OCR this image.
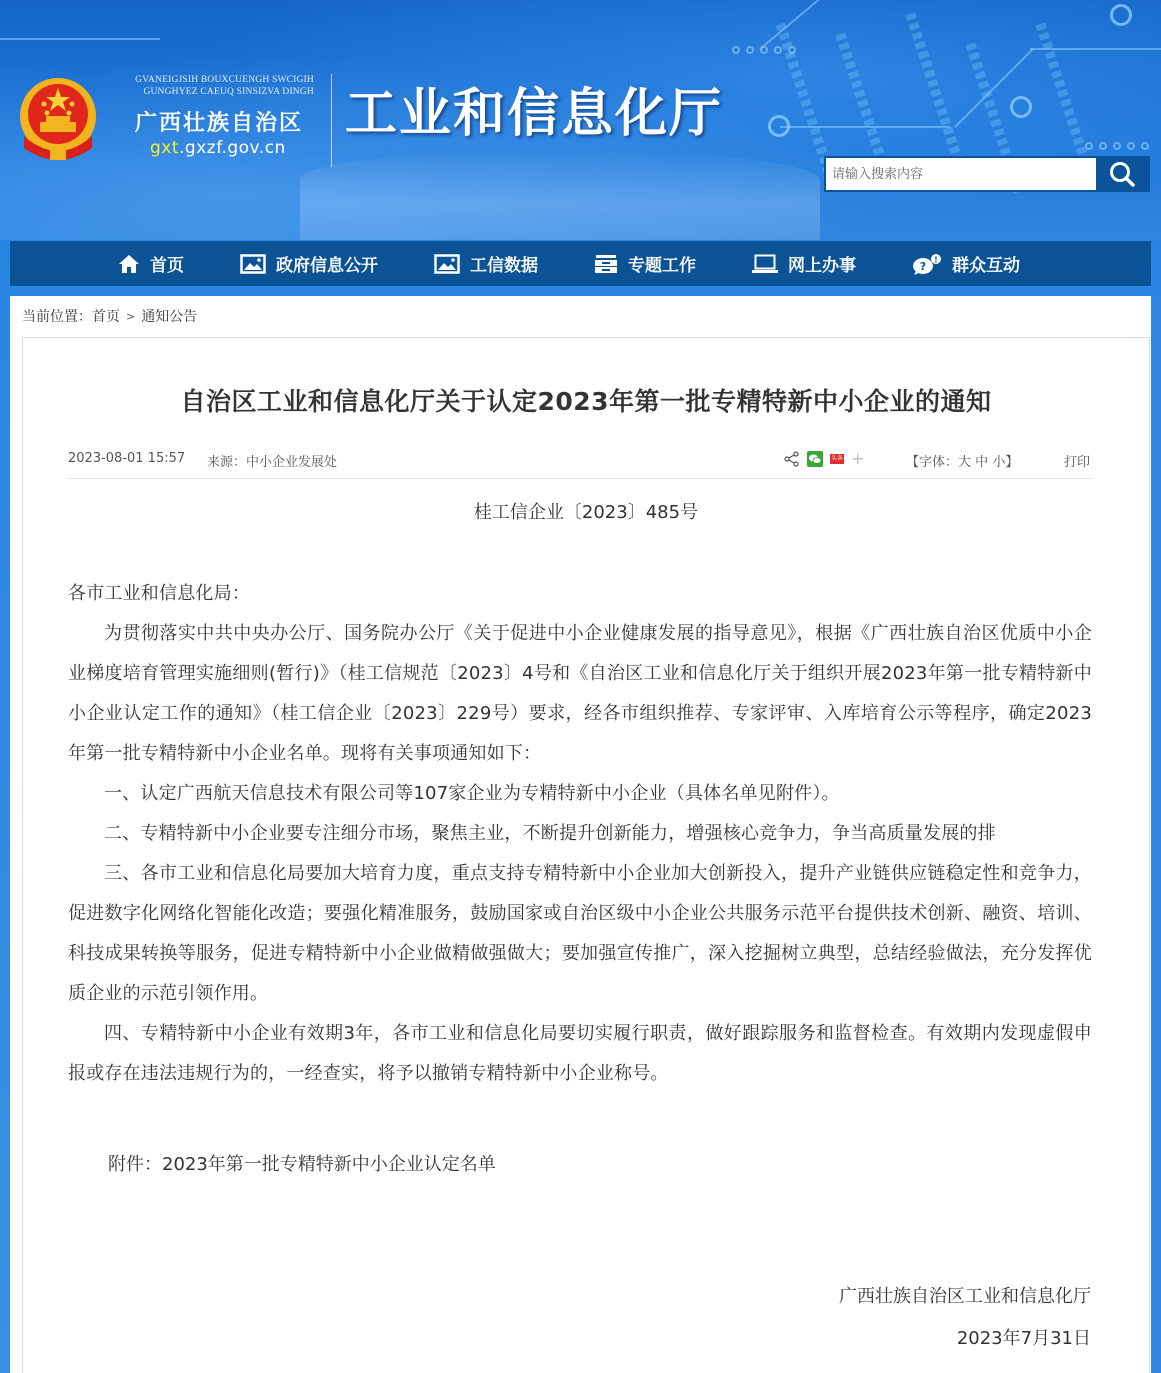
GVANEIGJSIH BOUXCUENGH SWCIGIH
GUNGHYEZ CAEUQ SINSIZVA DINGH
广西壮族自治区
gxt.gxzf.gov.cn
工业和信息化厅
请输入搜索内容
首页	政府信息公开	工信数据	专题工作	网上办事	? ! 群众互动
当前位置： 首页 > 通知公告
自治区工业和信息化厅关于认定2023年第一批专精特新中小企业的通知
2023-08-01 15:57 来源：中小企业发展处	头条 +	【字体：大 中 小】	打印
桂工信企业〔2023〕485号

各市工业和信息化局：

为贯彻落实中共中央办公厅、国务院办公厅《关于促进中小企业健康发展的指导意见》，根据《广西壮族自治区优质中小企业梯度培育管理实施细则(暂行)》（桂工信规范〔2023〕4号和《自治区工业和信息化厅关于组织开展2023年第一批专精特新中小企业认定工作的通知》（桂工信企业〔2023〕229号）要求，经各市组织推荐、专家评审、入库培育公示等程序，确定2023年第一批专精特新中小企业名单。现将有关事项通知如下：

一、认定广西航天信息技术有限公司等107家企业为专精特新中小企业（具体名单见附件）。

二、专精特新中小企业要专注细分市场，聚焦主业，不断提升创新能力，增强核心竞争力，争当高质量发展的排

三、各市工业和信息化局要加大培育力度，重点支持专精特新中小企业加大创新投入，提升产业链供应链稳定性和竞争力，促进数字化网络化智能化改造；要强化精准服务，鼓励国家或自治区级中小企业公共服务示范平台提供技术创新、融资、培训、科技成果转换等服务，促进专精特新中小企业做精做强做大；要加强宣传推广，深入挖掘树立典型，总结经验做法，充分发挥优质企业的示范引领作用。

四、专精特新中小企业有效期3年，各市工业和信息化局要切实履行职责，做好跟踪服务和监督检查。有效期内发现虚假申报或存在违法违规行为的，一经查实，将予以撤销专精特新中小企业称号。

附件：2023年第一批专精特新中小企业认定名单
广西壮族自治区工业和信息化厅
2023年7月31日
